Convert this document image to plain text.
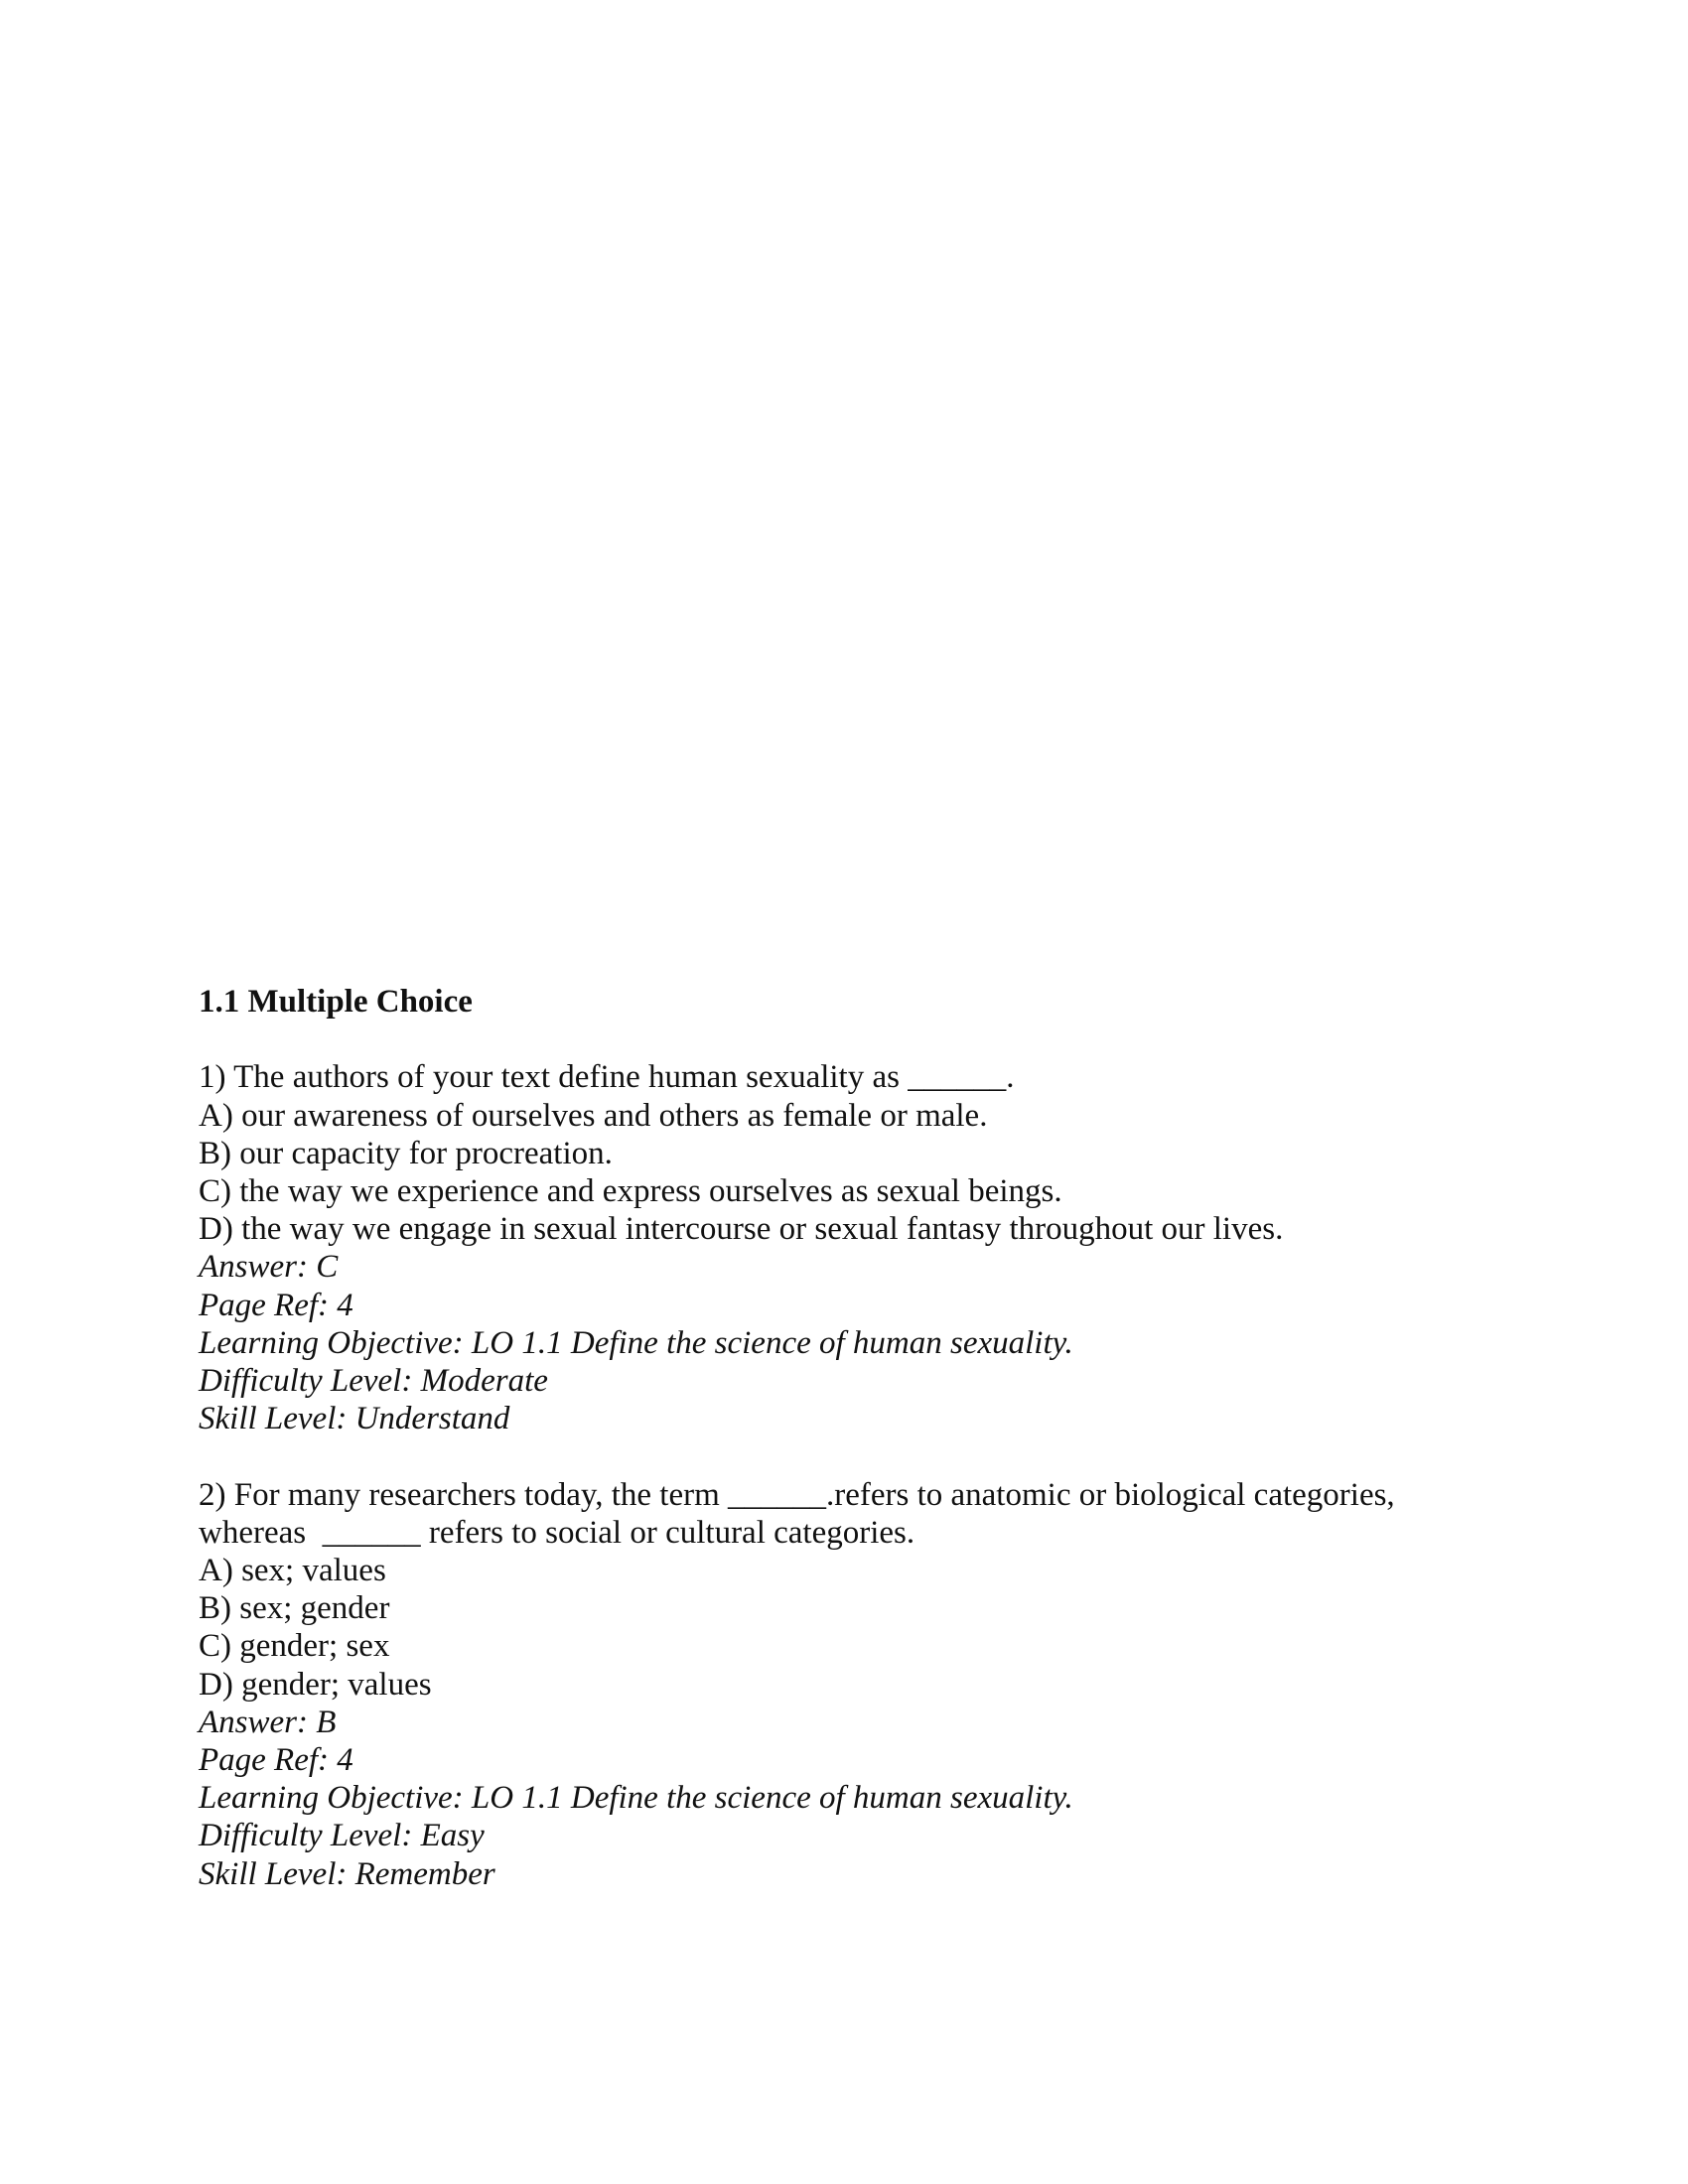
1.1 Multiple Choice
1) The authors of your text define human sexuality as ______.
A) our awareness of ourselves and others as female or male.
B) our capacity for procreation.
C) the way we experience and express ourselves as sexual beings.
D) the way we engage in sexual intercourse or sexual fantasy throughout our lives.
Answer: C
Page Ref: 4
Learning Objective: LO 1.1 Define the science of human sexuality.
Difficulty Level: Moderate
Skill Level: Understand
2) For many researchers today, the term ______.refers to anatomic or biological categories,
whereas  ______ refers to social or cultural categories.
A) sex; values
B) sex; gender
C) gender; sex
D) gender; values
Answer: B
Page Ref: 4
Learning Objective: LO 1.1 Define the science of human sexuality.
Difficulty Level: Easy
Skill Level: Remember
